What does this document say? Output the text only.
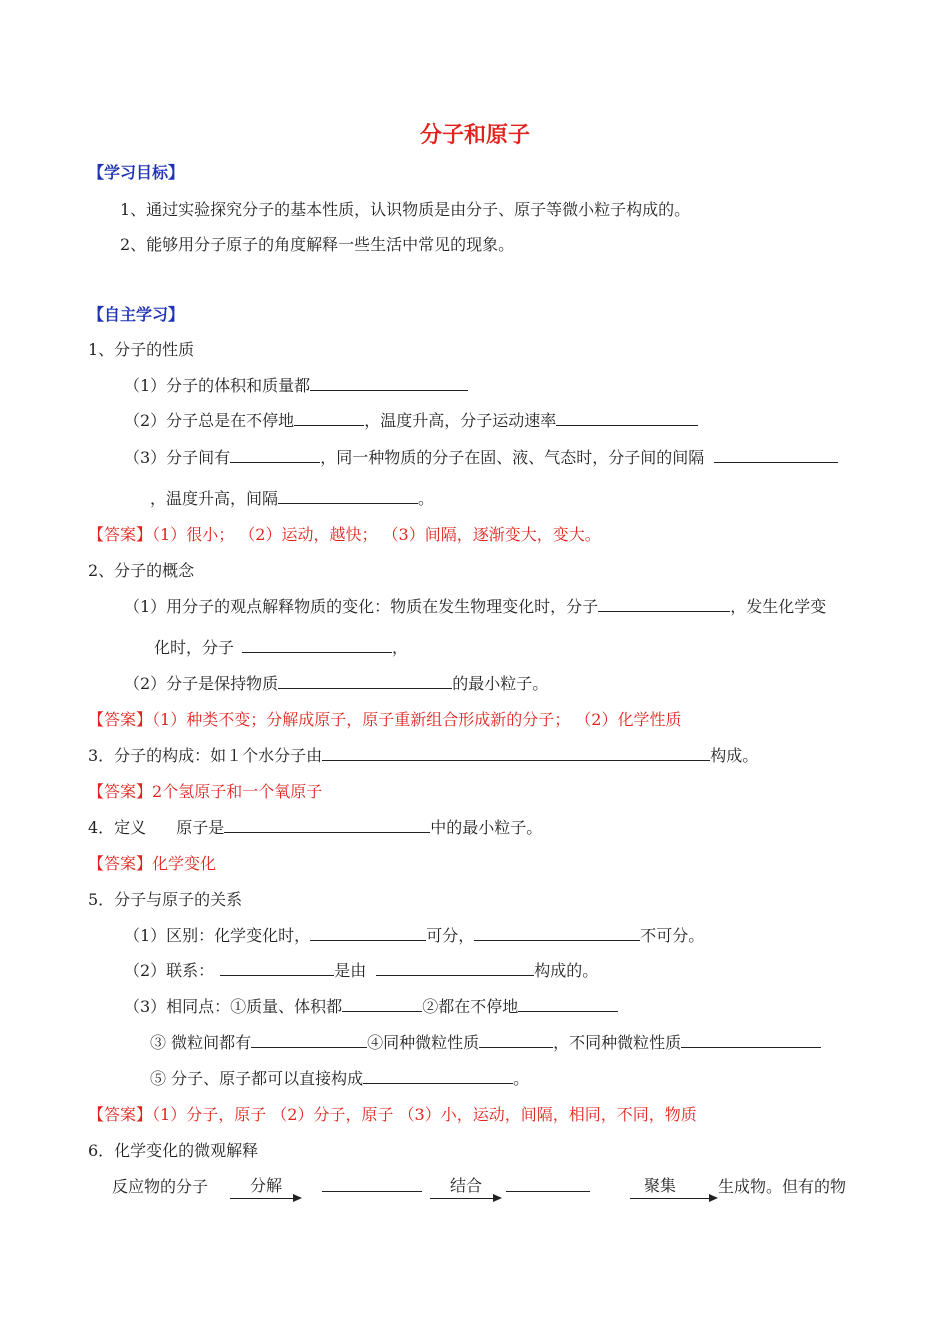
分子和原子
【学习目标】
1、通过实验探究分子的基本性质，认识物质是由分子、原子等微小粒子构成的。
2、能够用分子原子的角度解释一些生活中常见的现象。
【自主学习】
1、分子的性质
（1）分子的体积和质量都
（2）分子总是在不停地	，温度升高，分子运动速率
（3）分子间有	，同一种物质的分子在固、液、气态时，分子间的间隔
，温度升高，间隔	。
【答案】（1）很小； （2）运动，越快； （3）间隔，逐渐变大，变大。
2、分子的概念
（1）用分子的观点解释物质的变化：物质在发生物理变化时，分子	，发生化学变
化时，分子	，
（2）分子是保持物质	的最小粒子。
【答案】（1）种类不变；分解成原子，原子重新组合形成新的分子； （2）化学性质
3．分子的构成：如１个水分子由	构成。
【答案】2个氢原子和一个氧原子
4．定义 原子是	中的最小粒子。
【答案】化学变化
5．分子与原子的关系
（1）区别：化学变化时，	可分，	不可分。
（2）联系：	是由	构成的。
（3）相同点：①质量、体积都	②都在不停地
③ 微粒间都有	④同种微粒性质	，不同种微粒性质
⑤ 分子、原子都可以直接构成	。
【答案】（1）分子，原子 （2）分子，原子 （3）小，运动，间隔，相同，不同，物质
6．化学变化的微观解释
反应物的分子	分解	结合	聚集	生成物。但有的物
